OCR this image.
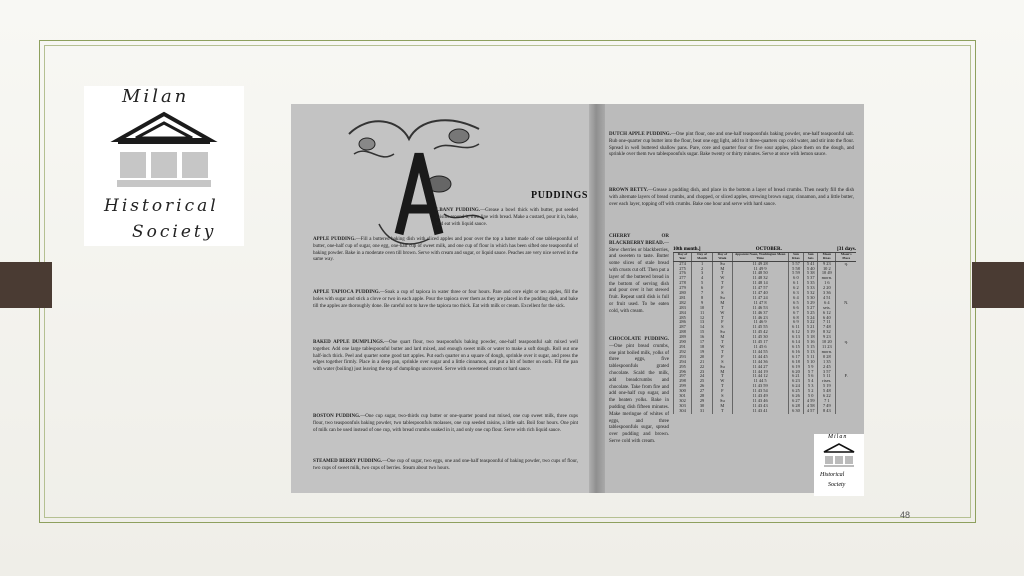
Milan
Historical
Society
PUDDINGS
LBANY PUDDING.—Grease a bowl thick with butter, put seeded raisins around it, then line with bread. Make a custard, pour it in, bake, and eat with liquid sauce.
APPLE PUDDING.—Fill a buttered baking dish with sliced apples and pour over the top a batter made of one tablespoonful of butter, one-half cup of sugar, one egg, one-half cup of sweet milk, and one cup of flour in which has been sifted one teaspoonful of baking powder. Bake in a moderate oven till brown. Serve with cream and sugar, or liquid sauce. Peaches are very nice served in the same way.
APPLE TAPIOCA PUDDING.—Soak a cup of tapioca in water three or four hours. Pare and core eight or ten apples, fill the holes with sugar and stick a clove or two in each apple. Pour the tapioca over them as they are placed in the pudding dish, and bake till the apples are thoroughly done. Be careful not to have the tapioca too thick. Eat with milk or cream. Excellent for the sick.
BAKED APPLE DUMPLINGS.—One quart flour, two teaspoonfuls baking powder, one-half teaspoonful salt mixed well together. Add one large tablespoonful butter and lard mixed, and enough sweet milk or water to make a soft dough. Roll out one half-inch thick. Peel and quarter some good tart apples. Put each quarter on a square of dough, sprinkle over it sugar, and press the edges together firmly. Place in a deep pan, sprinkle over sugar and a little cinnamon, and put a bit of butter on each. Fill the pan with water (boiling) just leaving the top of dumplings uncovered. Serve with sweetened cream or hard sauce.
BOSTON PUDDING.—One cup sugar, two-thirds cup butter or one-quarter pound nut mixed, one cup sweet milk, three cups flour, two teaspoonfuls baking powder, two tablespoonfuls molasses, one cup seeded raisins, a little salt. Boil four hours. One pint of milk can be used instead of one cup, with bread crumbs soaked in it, and only one cup flour. Serve with rich liquid sauce.
STEAMED BERRY PUDDING.—One cup of sugar, two eggs, one and one-half teaspoonful of baking powder, two cups of flour, two cups of sweet milk, two cups of berries. Steam about two hours.
DUTCH APPLE PUDDING.—One pint flour, one and one-half teaspoonfuls baking powder, one-half teaspoonful salt. Rub one-quarter cup butter into the flour, beat one egg light, add to it three-quarters cup cold water, and stir into the flour. Spread in well buttered shallow pans. Pare, core and quarter four or five sour apples, place them on the dough, and sprinkle over them two tablespoonfuls sugar. Bake twenty or thirty minutes. Serve at once with lemon sauce.
BROWN BETTY.—Grease a pudding dish, and place in the bottom a layer of bread crumbs. Then nearly fill the dish with alternate layers of bread crumbs, and chopped, or sliced apples, strewing brown sugar, cinnamon, and a little butter, over each layer, topping off with crumbs. Bake one hour and serve with hard sauce.
CHERRY OR BLACKBERRY BREAD.—Stew cherries or blackberries, and sweeten to taste. Butter some slices of stale bread with crusts cut off. Then put a layer of the buttered bread in the bottom of serving dish and pour over it hot stewed fruit. Repeat until dish is full or fruit used. To be eaten cold, with cream.
CHOCOLATE PUDDING.—One pint bread crumbs, one pint boiled milk, yolks of three eggs, five tablespoonfuls grated chocolate. Scald the milk, add breadcrumbs and chocolate. Take from fire and add one-half cup sugar, and the beaten yolks. Bake in pudding dish fifteen minutes. Make meringue of whites of eggs, and three tablespoonfuls sugar, spread over pudding and brown. Serve cold with cream.
10th month.]	OCTOBER.	[31 days.
Day of Year	Day of Month	Day of Week	Apparent Noon, Washington Mean Time	Sun Rises	Sun Sets	Moon Rises	Moon's Place
274	1	Su	11 49 28	5 57	5 41	9 23	q.
275	2	M	11 49 9	5 58	5 40	10 2	
276	3	T	11 48 50	5 59	5 38	10 49	
277	4	W	11 48 32	6 0	5 37	morn.	
278	5	T	11 48 14	6 1	5 35	1 6	
279	6	F	11 47 57	6 2	5 33	2 20	
280	7	S	11 47 40	6 3	5 32	3 36	
281	8	Su	11 47 24	6 4	5 30	4 51	
282	9	M	11 47 8	6 5	5 29	6 4	N.
283	10	T	11 46 53	6 6	5 27	sets.	
284	11	W	11 46 37	6 7	5 25	6 12	
285	12	T	11 46 23	6 8	5 24	6 40	
286	13	F	11 46 9	6 9	5 22	7 11	
287	14	S	11 45 55	6 11	5 21	7 48	
288	15	Su	11 45 42	6 12	5 19	8 32	
289	16	M	11 45 30	6 13	5 18	9 23	
290	17	T	11 45 17	6 14	5 16	10 20	q.
291	18	W	11 45 6	6 15	5 15	11 23	
292	19	T	11 44 55	6 16	5 13	morn.	
293	20	F	11 44 45	6 17	5 11	0 28	
294	21	S	11 44 36	6 18	5 10	1 35	
295	22	Su	11 44 27	6 19	5 9	2 45	
296	23	M	11 44 19	6 20	5 7	3 57	
297	24	T	11 44 12	6 21	5 6	5 11	F.
298	25	W	11 44 5	6 23	5 4	rises.	
299	26	T	11 43 59	6 24	5 3	5 19	
300	27	F	11 43 54	6 25	5 2	5 48	
301	28	S	11 43 49	6 26	5 0	6 22	
302	29	Su	11 43 46	6 27	4 59	7 1	
303	30	M	11 43 43	6 28	4 58	7 49	
304	31	T	11 43 41	6 30	4 57	8 43	
Milan
Historical
Society
48
